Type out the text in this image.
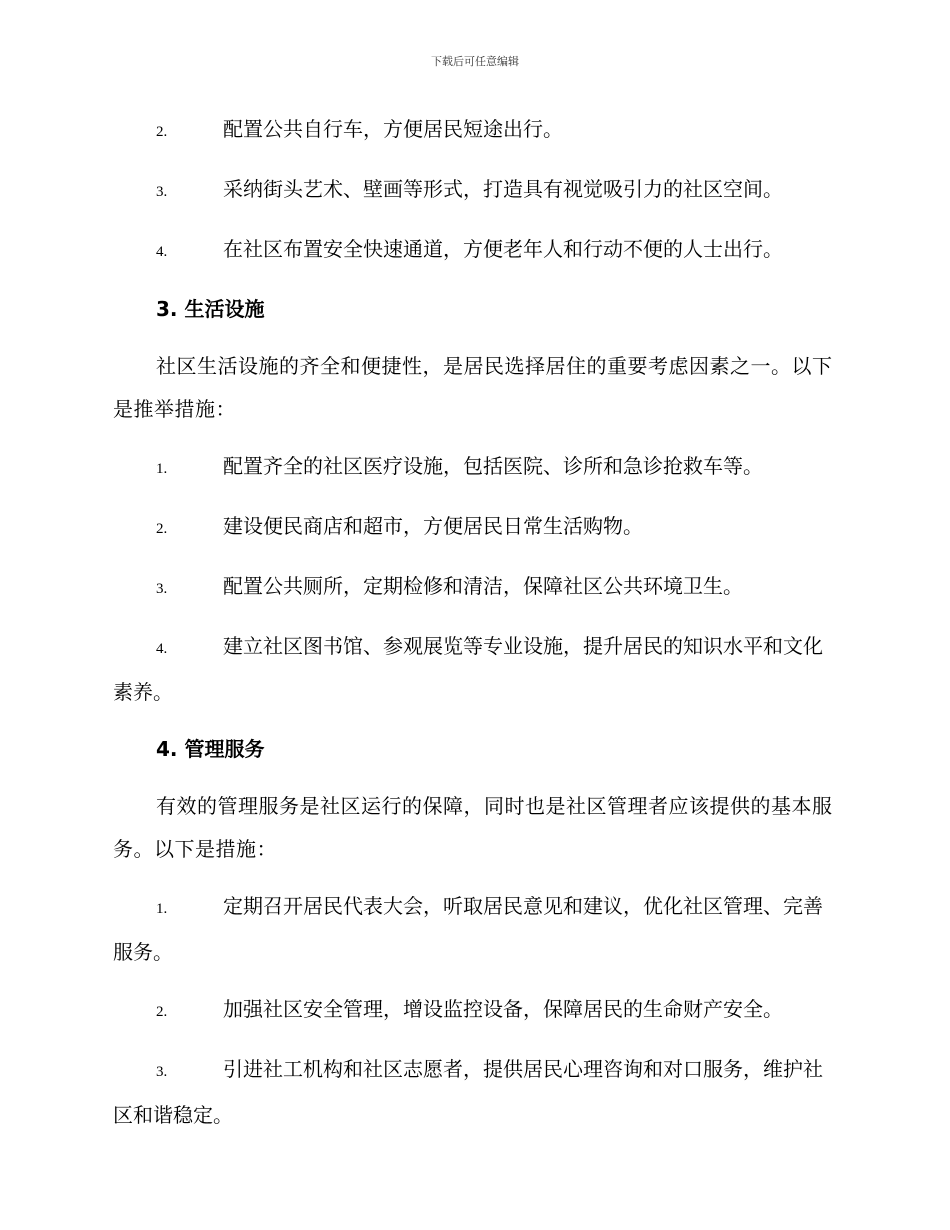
下载后可任意编辑
2.	配置公共自行车，方便居民短途出行。
3.	采纳街头艺术、壁画等形式，打造具有视觉吸引力的社区空间。
4.	在社区布置安全快速通道，方便老年人和行动不便的人士出行。
3. 生活设施
社区生活设施的齐全和便捷性，是居民选择居住的重要考虑因素之一。以下是推举措施：
1.	配置齐全的社区医疗设施，包括医院、诊所和急诊抢救车等。
2.	建设便民商店和超市，方便居民日常生活购物。
3.	配置公共厕所，定期检修和清洁，保障社区公共环境卫生。
4.	建立社区图书馆、参观展览等专业设施，提升居民的知识水平和文化素养。
4. 管理服务
有效的管理服务是社区运行的保障，同时也是社区管理者应该提供的基本服务。以下是措施：
1.	定期召开居民代表大会，听取居民意见和建议，优化社区管理、完善服务。
2.	加强社区安全管理，增设监控设备，保障居民的生命财产安全。
3.	引进社工机构和社区志愿者，提供居民心理咨询和对口服务，维护社区和谐稳定。
